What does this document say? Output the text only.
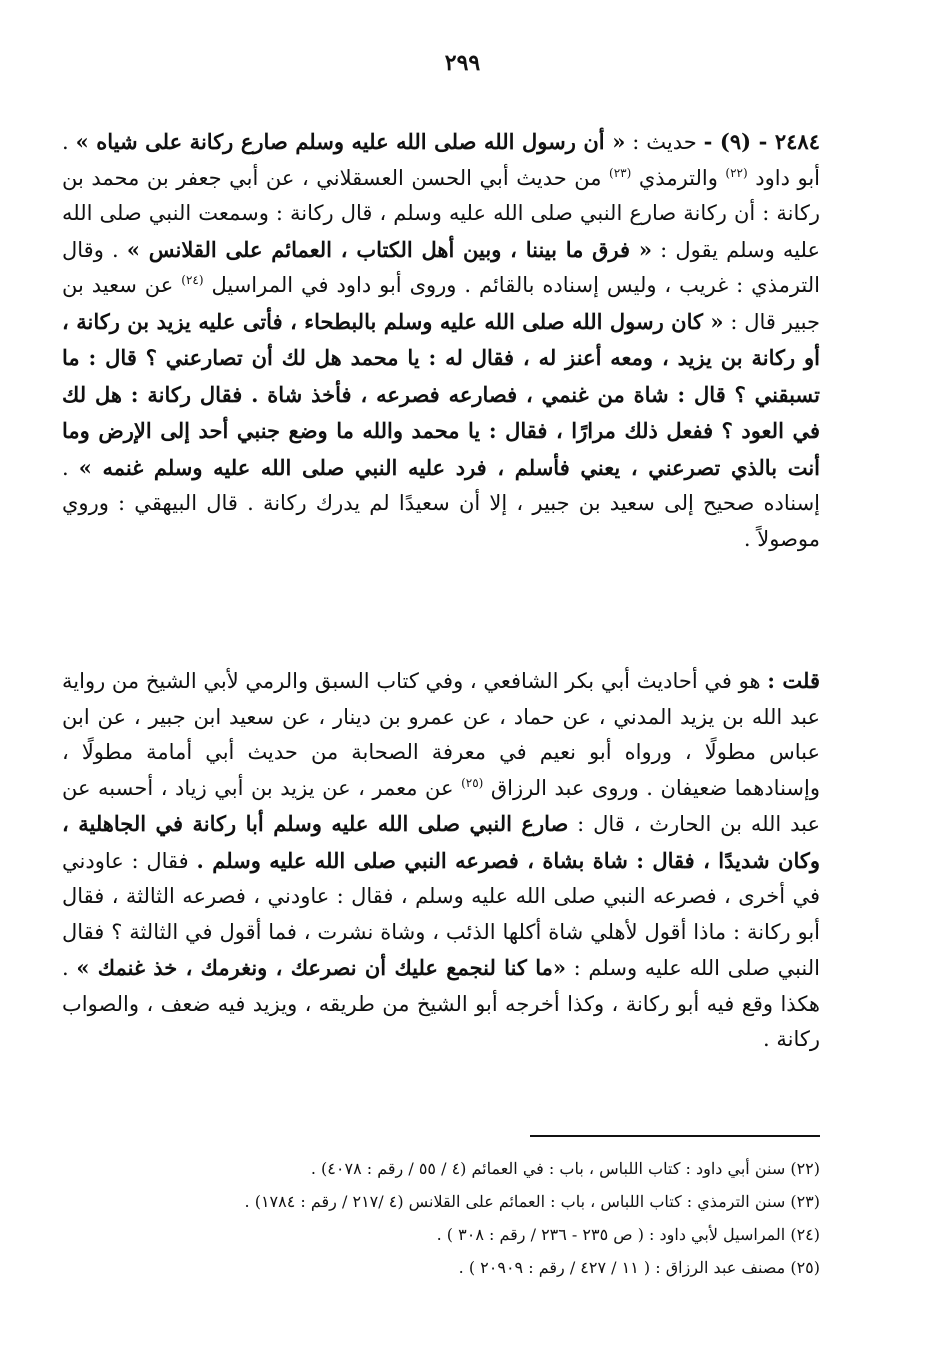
٢٩٩
٢٤٨٤ - (٩) - حديث : « أن رسول الله صلى الله عليه وسلم صارع ركانة على شياه » . أبو داود $^{(٢٢)}$ والترمذي $^{(٢٣)}$ من حديث أبي الحسن العسقلاني ، عن أبي جعفر بن محمد بن ركانة : أن ركانة صارع النبي صلى الله عليه وسلم ، قال ركانة : وسمعت النبي صلى الله عليه وسلم يقول : « فرق ما بيننا ، وبين أهل الكتاب ، العمائم على القلانس » . وقال الترمذي : غريب ، وليس إسناده بالقائم . وروى أبو داود في المراسيل $^{(٢٤)}$ عن سعيد بن جبير قال : « كان رسول الله صلى الله عليه وسلم بالبطحاء ، فأتى عليه يزيد بن ركانة ، أو ركانة بن يزيد ، ومعه أعنز له ، فقال له : يا محمد هل لك أن تصارعني ؟ قال : ما تسبقني ؟ قال : شاة من غنمي ، فصارعه فصرعه ، فأخذ شاة . فقال ركانة : هل لك في العود ؟ ففعل ذلك مرارًا ، فقال : يا محمد والله ما وضع جنبي أحد إلى الإرض وما أنت بالذي تصرعني ، يعني فأسلم ، فرد عليه النبي صلى الله عليه وسلم غنمه » . إسناده صحيح إلى سعيد بن جبير ، إلا أن سعيدًا لم يدرك ركانة . قال البيهقي : وروي موصولاً .
قلت : هو في أحاديث أبي بكر الشافعي ، وفي كتاب السبق والرمي لأبي الشيخ من رواية عبد الله بن يزيد المدني ، عن حماد ، عن عمرو بن دينار ، عن سعيد ابن جبير ، عن ابن عباس مطولًا ، ورواه أبو نعيم في معرفة الصحابة من حديث أبي أمامة مطولًا ، وإسنادهما ضعيفان . وروى عبد الرزاق $^{(٢٥)}$ عن معمر ، عن يزيد بن أبي زياد ، أحسبه عن عبد الله بن الحارث ، قال : صارع النبي صلى الله عليه وسلم أبا ركانة في الجاهلية ، وكان شديدًا ، فقال : شاة بشاة ، فصرعه النبي صلى الله عليه وسلم . فقال : عاودني في أخرى ، فصرعه النبي صلى الله عليه وسلم ، فقال : عاودني ، فصرعه الثالثة ، فقال أبو ركانة : ماذا أقول لأهلي شاة أكلها الذئب ، وشاة نشرت ، فما أقول في الثالثة ؟ فقال النبي صلى الله عليه وسلم : «ما كنا لنجمع عليك أن نصرعك ، ونغرمك ، خذ غنمك » . هكذا وقع فيه أبو ركانة ، وكذا أخرجه أبو الشيخ من طريقه ، ويزيد فيه ضعف ، والصواب ركانة .
(٢٢) سنن أبي داود : كتاب اللباس ، باب : في العمائم (٤ / ٥٥ / رقم : ٤٠٧٨) .
(٢٣) سنن الترمذي : كتاب اللباس ، باب : العمائم على القلانس (٤ /٢١٧ / رقم : ١٧٨٤) .
(٢٤) المراسيل لأبي داود : ( ص ٢٣٥ - ٢٣٦ / رقم : ٣٠٨ ) .
(٢٥) مصنف عبد الرزاق : ( ١١ / ٤٢٧ / رقم : ٢٠٩٠٩ ) .
